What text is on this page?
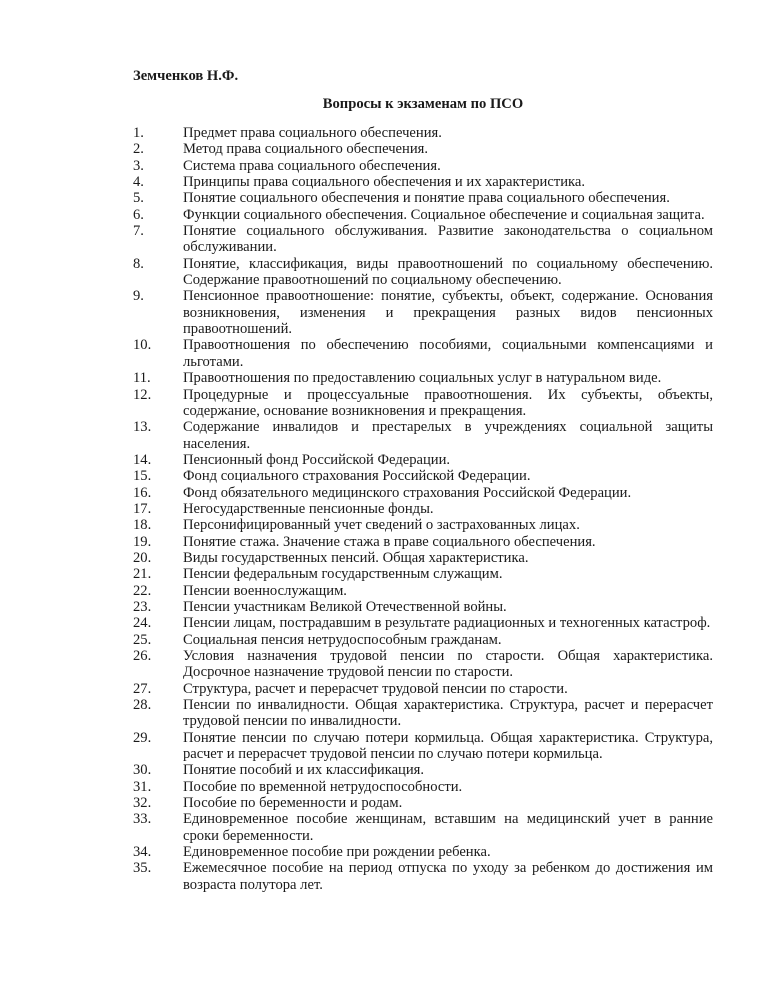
Земченков Н.Ф.
Вопросы к экзаменам по ПСО
1.	Предмет права социального обеспечения.
2.	Метод права социального обеспечения.
3.	Система права социального обеспечения.
4.	Принципы права социального обеспечения и их характеристика.
5.	Понятие социального обеспечения и понятие права социального обеспечения.
6.	Функции социального обеспечения. Социальное обеспечение и социальная защита.
7.	Понятие социального обслуживания. Развитие законодательства о социальном обслуживании.
8.	Понятие, классификация, виды правоотношений по социальному обеспечению. Содержание правоотношений по социальному обеспечению.
9.	Пенсионное правоотношение: понятие, субъекты, объект, содержание. Основания возникновения, изменения и прекращения разных видов пенсионных правоотношений.
10.	Правоотношения по обеспечению пособиями, социальными компенсациями и льготами.
11.	Правоотношения по предоставлению социальных услуг в натуральном виде.
12.	Процедурные и процессуальные правоотношения. Их субъекты, объекты, содержание, основание возникновения и прекращения.
13.	Содержание инвалидов и престарелых в учреждениях социальной защиты населения.
14.	Пенсионный фонд Российской Федерации.
15.	Фонд социального страхования Российской Федерации.
16.	Фонд обязательного медицинского страхования Российской Федерации.
17.	Негосударственные пенсионные фонды.
18.	Персонифицированный учет сведений о застрахованных лицах.
19.	Понятие стажа. Значение стажа в праве социального обеспечения.
20.	Виды государственных пенсий. Общая характеристика.
21.	Пенсии федеральным государственным служащим.
22.	Пенсии военнослужащим.
23.	Пенсии участникам Великой Отечественной войны.
24.	Пенсии лицам, пострадавшим в результате радиационных и техногенных катастроф.
25.	Социальная пенсия нетрудоспособным гражданам.
26.	Условия назначения трудовой пенсии по старости. Общая характеристика. Досрочное назначение трудовой пенсии по старости.
27.	Структура, расчет и перерасчет трудовой пенсии по старости.
28.	Пенсии по инвалидности. Общая характеристика. Структура, расчет и перерасчет трудовой пенсии по инвалидности.
29.	Понятие пенсии по случаю потери кормильца. Общая характеристика. Структура, расчет и перерасчет трудовой пенсии по случаю потери кормильца.
30.	Понятие пособий и их классификация.
31.	Пособие по временной нетрудоспособности.
32.	Пособие по беременности и родам.
33.	Единовременное пособие женщинам, вставшим на медицинский учет в ранние сроки беременности.
34.	Единовременное пособие при рождении ребенка.
35.	Ежемесячное пособие на период отпуска по уходу за ребенком до достижения им возраста полутора лет.
